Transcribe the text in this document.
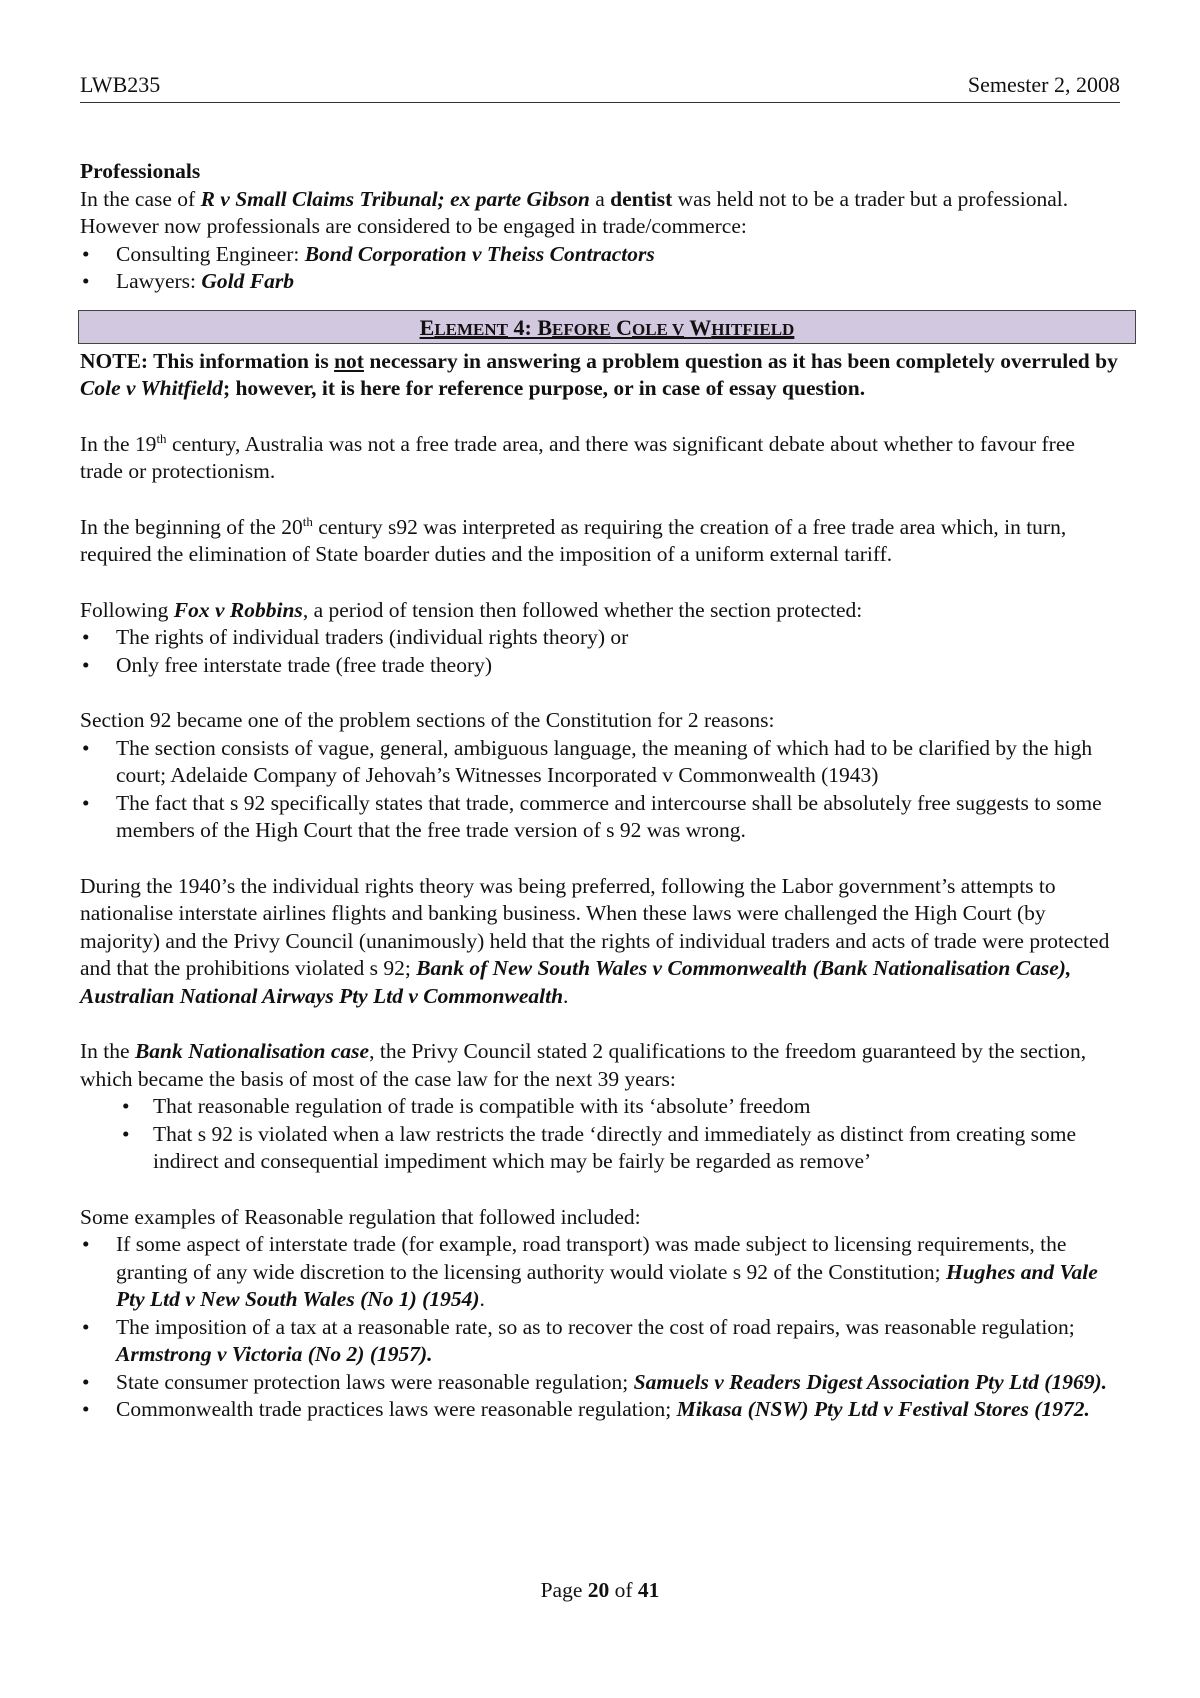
LWB235	Semester 2, 2008

Professionals

In the case of R v Small Claims Tribunal; ex parte Gibson a dentist was held not to be a trader but a professional. However now professionals are considered to be engaged in trade/commerce:

• Consulting Engineer: Bond Corporation v Theiss Contractors
• Lawyers: Gold Farb
ELEMENT 4: BEFORE COLE V WHITFIELD

NOTE: This information is not necessary in answering a problem question as it has been completely overruled by Cole v Whitfield; however, it is here for reference purpose, or in case of essay question.

In the 19th century, Australia was not a free trade area, and there was significant debate about whether to favour free trade or protectionism.

In the beginning of the 20th century s92 was interpreted as requiring the creation of a free trade area which, in turn, required the elimination of State boarder duties and the imposition of a uniform external tariff.

Following Fox v Robbins, a period of tension then followed whether the section protected:

• The rights of individual traders (individual rights theory) or
• Only free interstate trade (free trade theory)

Section 92 became one of the problem sections of the Constitution for 2 reasons:

• The section consists of vague, general, ambiguous language, the meaning of which had to be clarified by the high court; Adelaide Company of Jehovah’s Witnesses Incorporated v Commonwealth (1943)
• The fact that s 92 specifically states that trade, commerce and intercourse shall be absolutely free suggests to some members of the High Court that the free trade version of s 92 was wrong.

During the 1940’s the individual rights theory was being preferred, following the Labor government’s attempts to nationalise interstate airlines flights and banking business. When these laws were challenged the High Court (by majority) and the Privy Council (unanimously) held that the rights of individual traders and acts of trade were protected and that the prohibitions violated s 92; Bank of New South Wales v Commonwealth (Bank Nationalisation Case), Australian National Airways Pty Ltd v Commonwealth.

In the Bank Nationalisation case, the Privy Council stated 2 qualifications to the freedom guaranteed by the section, which became the basis of most of the case law for the next 39 years:

• That reasonable regulation of trade is compatible with its ‘absolute’ freedom
• That s 92 is violated when a law restricts the trade ‘directly and immediately as distinct from creating some indirect and consequential impediment which may be fairly be regarded as remove’

Some examples of Reasonable regulation that followed included:

• If some aspect of interstate trade (for example, road transport) was made subject to licensing requirements, the granting of any wide discretion to the licensing authority would violate s 92 of the Constitution; Hughes and Vale Pty Ltd v New South Wales (No 1) (1954).
• The imposition of a tax at a reasonable rate, so as to recover the cost of road repairs, was reasonable regulation; Armstrong v Victoria (No 2) (1957).
• State consumer protection laws were reasonable regulation; Samuels v Readers Digest Association Pty Ltd (1969).
• Commonwealth trade practices laws were reasonable regulation; Mikasa (NSW) Pty Ltd v Festival Stores (1972.
Page 20 of 41
